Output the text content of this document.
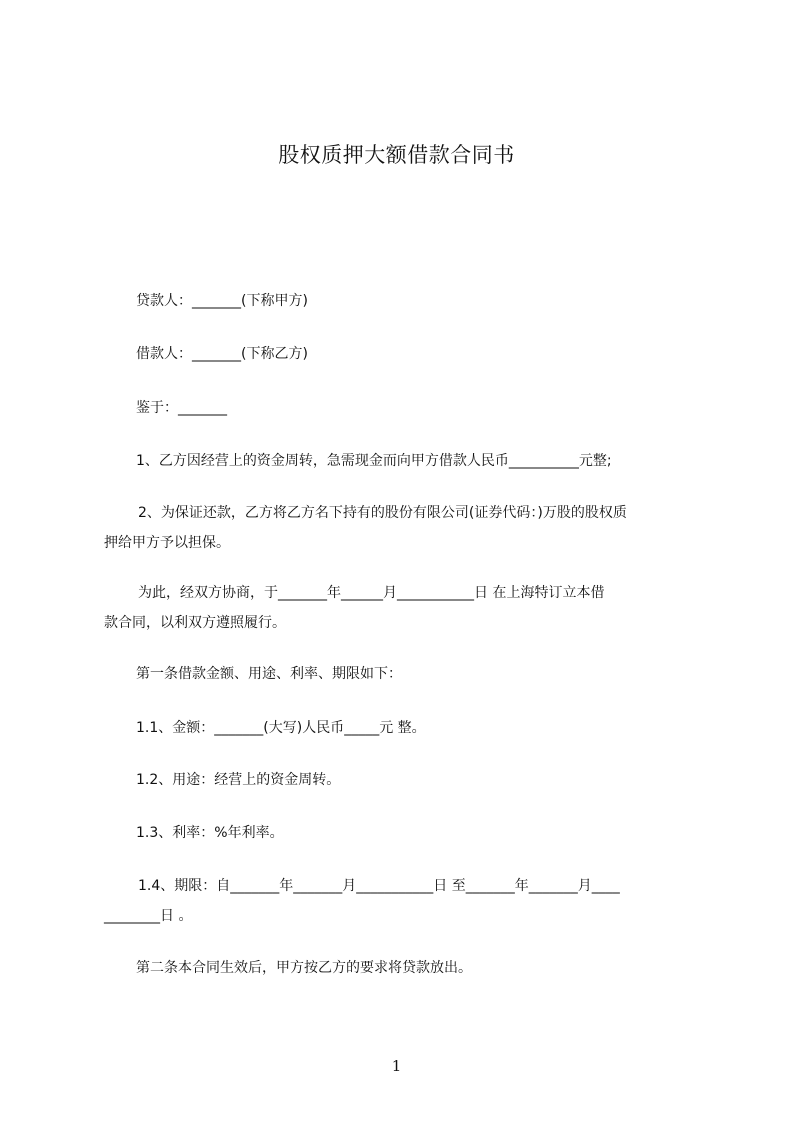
股权质押大额借款合同书
贷款人：_______(下称甲方)
借款人：_______(下称乙方)
鉴于：_______
1、乙方因经营上的资金周转，急需现金而向甲方借款人民币__________元整;
2、为保证还款，乙方将乙方名下持有的股份有限公司(证券代码：)万股的股权质
押给甲方予以担保。
为此，经双方协商，于_______年______月___________日 在上海特订立本借
款合同，以利双方遵照履行。
第一条借款金额、用途、利率、期限如下：
1.1、金额：_______(大写)人民币_____元 整。
1.2、用途：经营上的资金周转。
1.3、利率：%年利率。
1.4、期限：自_______年_______月___________日 至_______年_______月____
________日 。
第二条本合同生效后，甲方按乙方的要求将贷款放出。
1
